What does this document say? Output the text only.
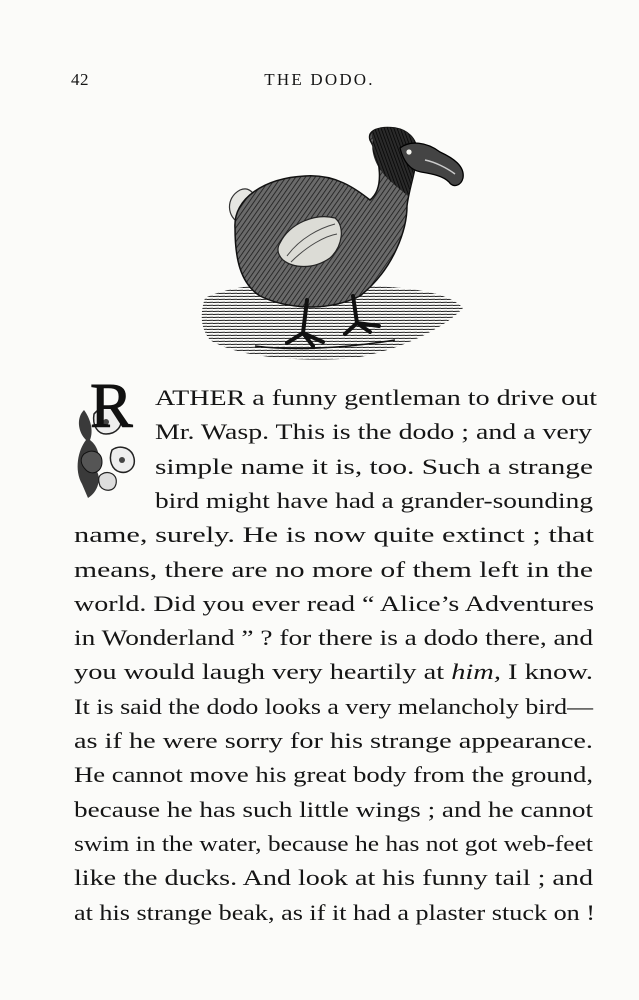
42	THE DODO.
R ATHER a funny gentleman to drive out
Mr. Wasp. This is the dodo ; and a very
simple name it is, too. Such a strange
bird might have had a grander-sounding
name, surely. He is now quite extinct ; that
means, there are no more of them left in the
world. Did you ever read “ Alice’s Adventures
in Wonderland ” ? for there is a dodo there, and
you would laugh very heartily at him, I know.
It is said the dodo looks a very melancholy bird—
as if he were sorry for his strange appearance.
He cannot move his great body from the ground,
because he has such little wings ; and he cannot
swim in the water, because he has not got web-feet
like the ducks. And look at his funny tail ; and
at his strange beak, as if it had a plaster stuck on !
